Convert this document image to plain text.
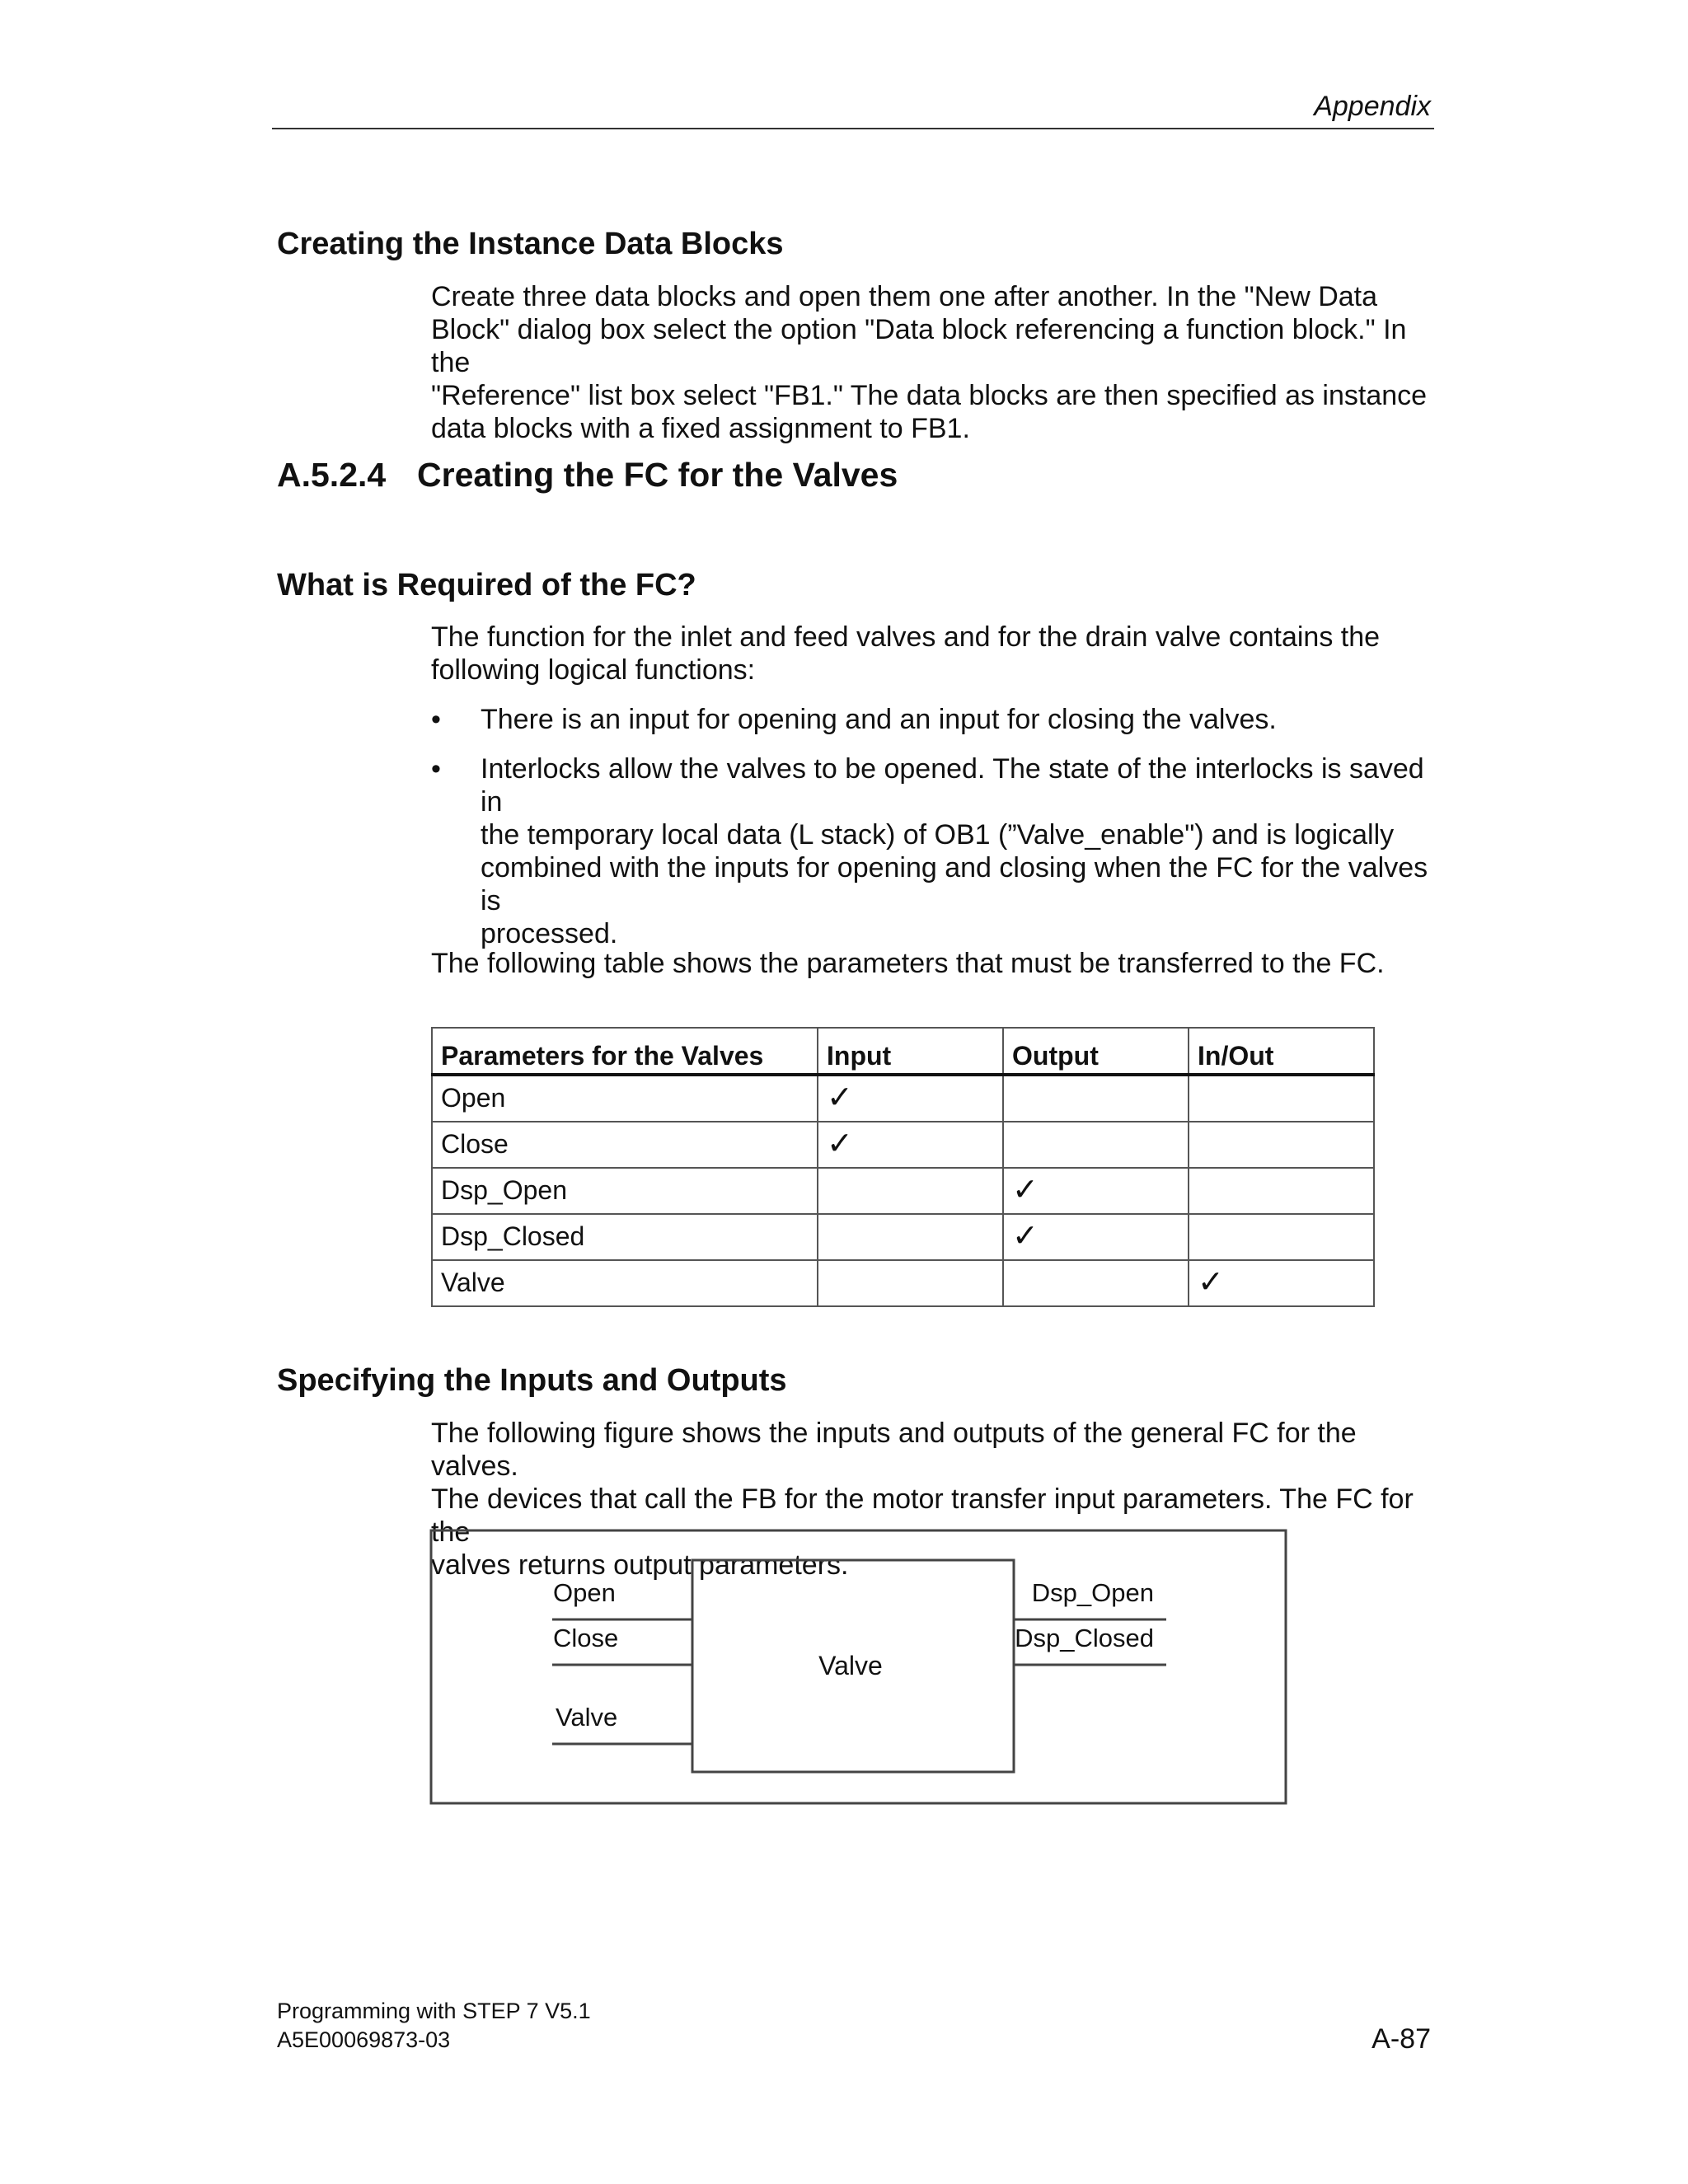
Appendix
Creating the Instance Data Blocks
Create three data blocks and open them one after another. In the "New Data
Block" dialog box select the option "Data block referencing a function block." In the
"Reference" list box select "FB1." The data blocks are then specified as instance
data blocks with a fixed assignment to FB1.
A.5.2.4 Creating the FC for the Valves
What is Required of the FC?
The function for the inlet and feed valves and for the drain valve contains the
following logical functions:
•	There is an input for opening and an input for closing the valves.
•	Interlocks allow the valves to be opened. The state of the interlocks is saved in
the temporary local data (L stack) of OB1 (”Valve_enable") and is logically
combined with the inputs for opening and closing when the FC for the valves is
processed.
The following table shows the parameters that must be transferred to the FC.
Parameters for the Valves	Input	Output	In/Out
Open	✓		
Close	✓		
Dsp_Open		✓	
Dsp_Closed		✓	
Valve			✓
Specifying the Inputs and Outputs
The following figure shows the inputs and outputs of the general FC for the valves.
The devices that call the FB for the motor transfer input parameters. The FC for the
valves returns output parameters.
Valve
Open
Close
Valve
Dsp_Open
Dsp_Closed
Programming with STEP 7 V5.1
A5E00069873-03	A-87
